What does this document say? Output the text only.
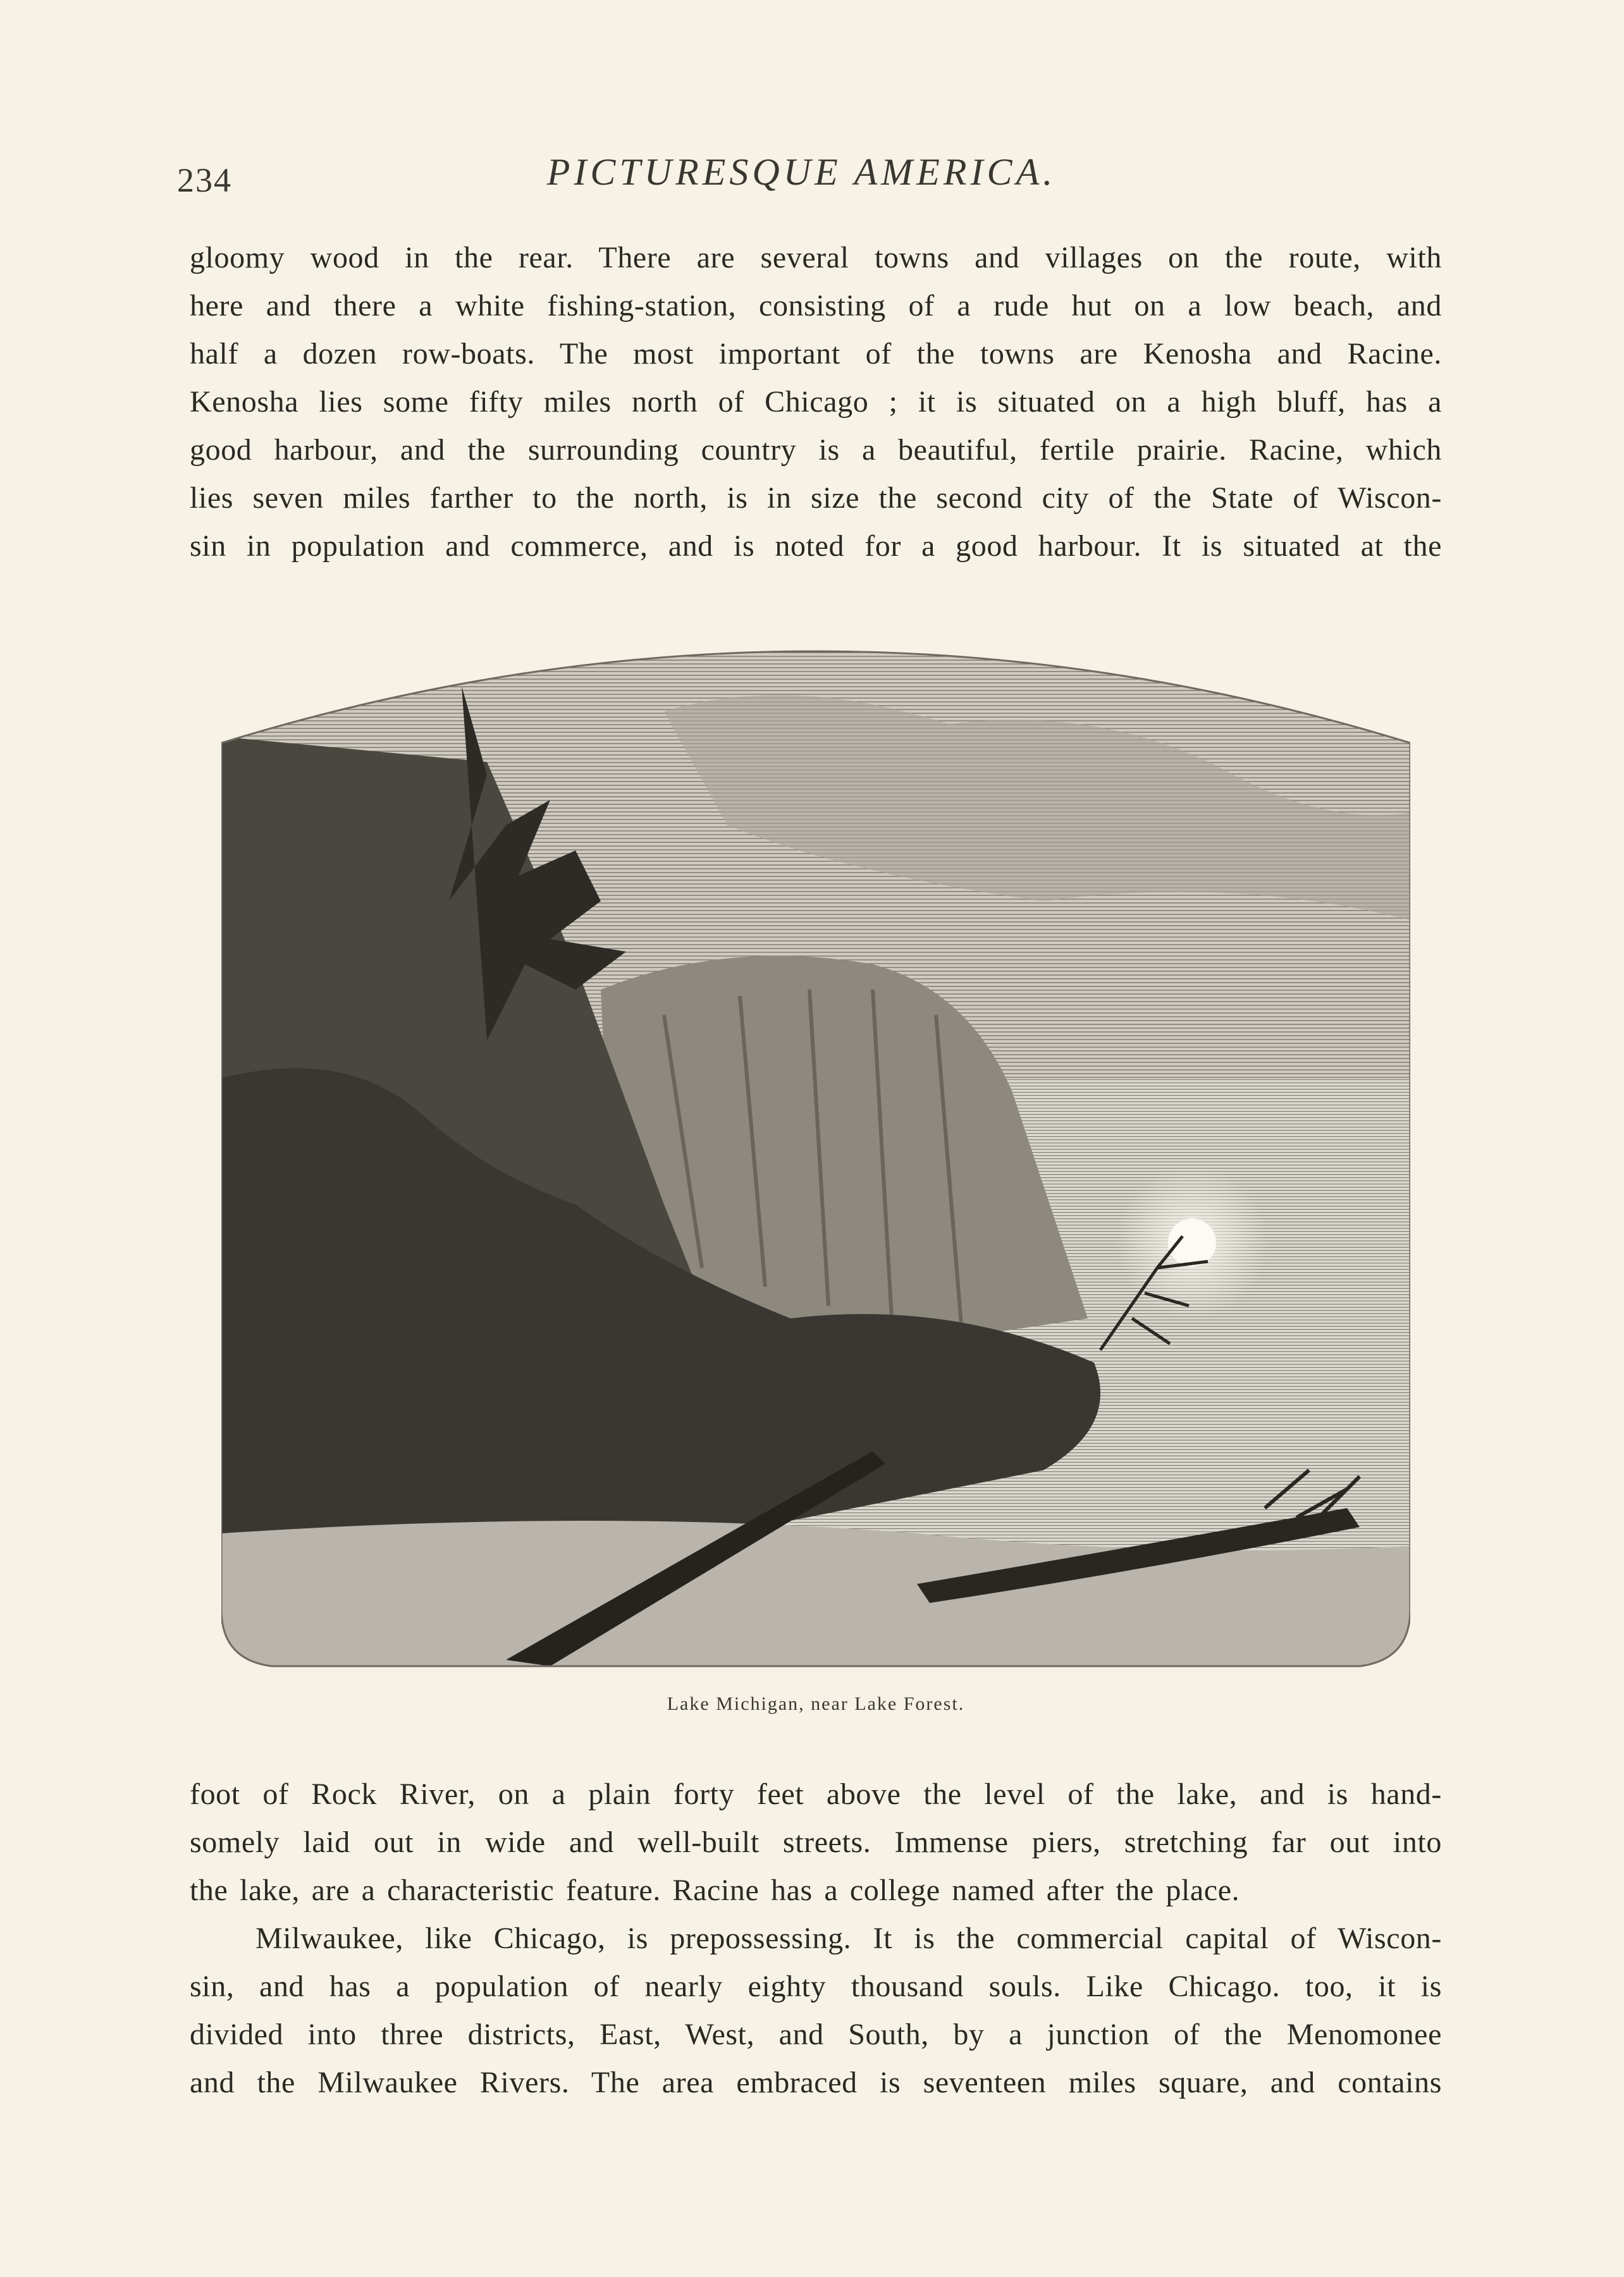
234	PICTURESQUE AMERICA.
gloomy wood in the rear. There are several towns and villages on the route, with
here and there a white fishing-station, consisting of a rude hut on a low beach, and
half a dozen row-boats. The most important of the towns are Kenosha and Racine.
Kenosha lies some fifty miles north of Chicago ; it is situated on a high bluff, has a
good harbour, and the surrounding country is a beautiful, fertile prairie. Racine, which
lies seven miles farther to the north, is in size the second city of the State of Wiscon-
sin in population and commerce, and is noted for a good harbour. It is situated at the
Lake Michigan, near Lake Forest.
foot of Rock River, on a plain forty feet above the level of the lake, and is hand-
somely laid out in wide and well-built streets. Immense piers, stretching far out into
the lake, are a characteristic feature. Racine has a college named after the place.
Milwaukee, like Chicago, is prepossessing. It is the commercial capital of Wiscon-
sin, and has a population of nearly eighty thousand souls. Like Chicago. too, it is
divided into three districts, East, West, and South, by a junction of the Menomonee
and the Milwaukee Rivers. The area embraced is seventeen miles square, and contains
